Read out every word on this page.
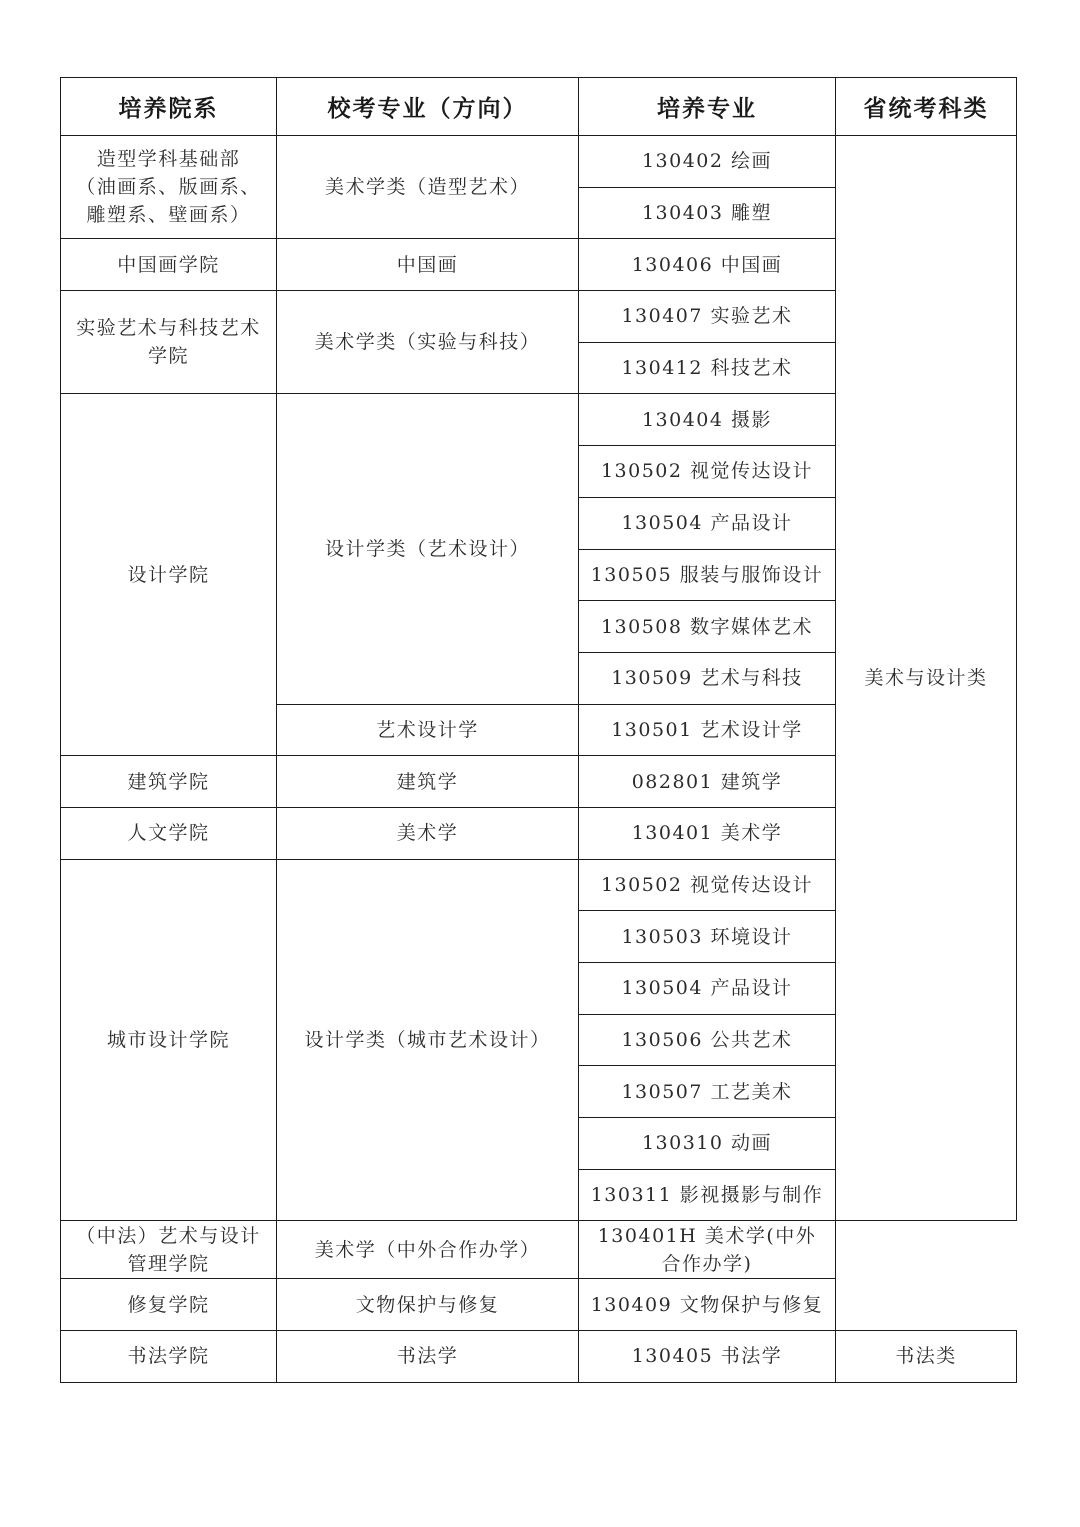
培养院系	校考专业（方向）	培养专业	省统考科类
造型学科基础部
（油画系、版画系、
雕塑系、壁画系）	美术学类（造型艺术）	130402 绘画	美术与设计类
		130403 雕塑	
中国画学院	中国画	130406 中国画	
实验艺术与科技艺术
学院	美术学类（实验与科技）	130407 实验艺术	
		130412 科技艺术	
设计学院	设计学类（艺术设计）	130404 摄影	
		130502 视觉传达设计	
		130504 产品设计	
		130505 服装与服饰设计	
		130508 数字媒体艺术	
		130509 艺术与科技	
	艺术设计学	130501 艺术设计学	
建筑学院	建筑学	082801 建筑学	
人文学院	美术学	130401 美术学	
城市设计学院	设计学类（城市艺术设计）	130502 视觉传达设计	
		130503 环境设计	
		130504 产品设计	
		130506 公共艺术	
		130507 工艺美术	
		130310 动画	
		130311 影视摄影与制作	
（中法）艺术与设计
管理学院	美术学（中外合作办学）	130401H 美术学(中外
合作办学)	
修复学院	文物保护与修复	130409 文物保护与修复	
书法学院	书法学	130405 书法学	书法类
